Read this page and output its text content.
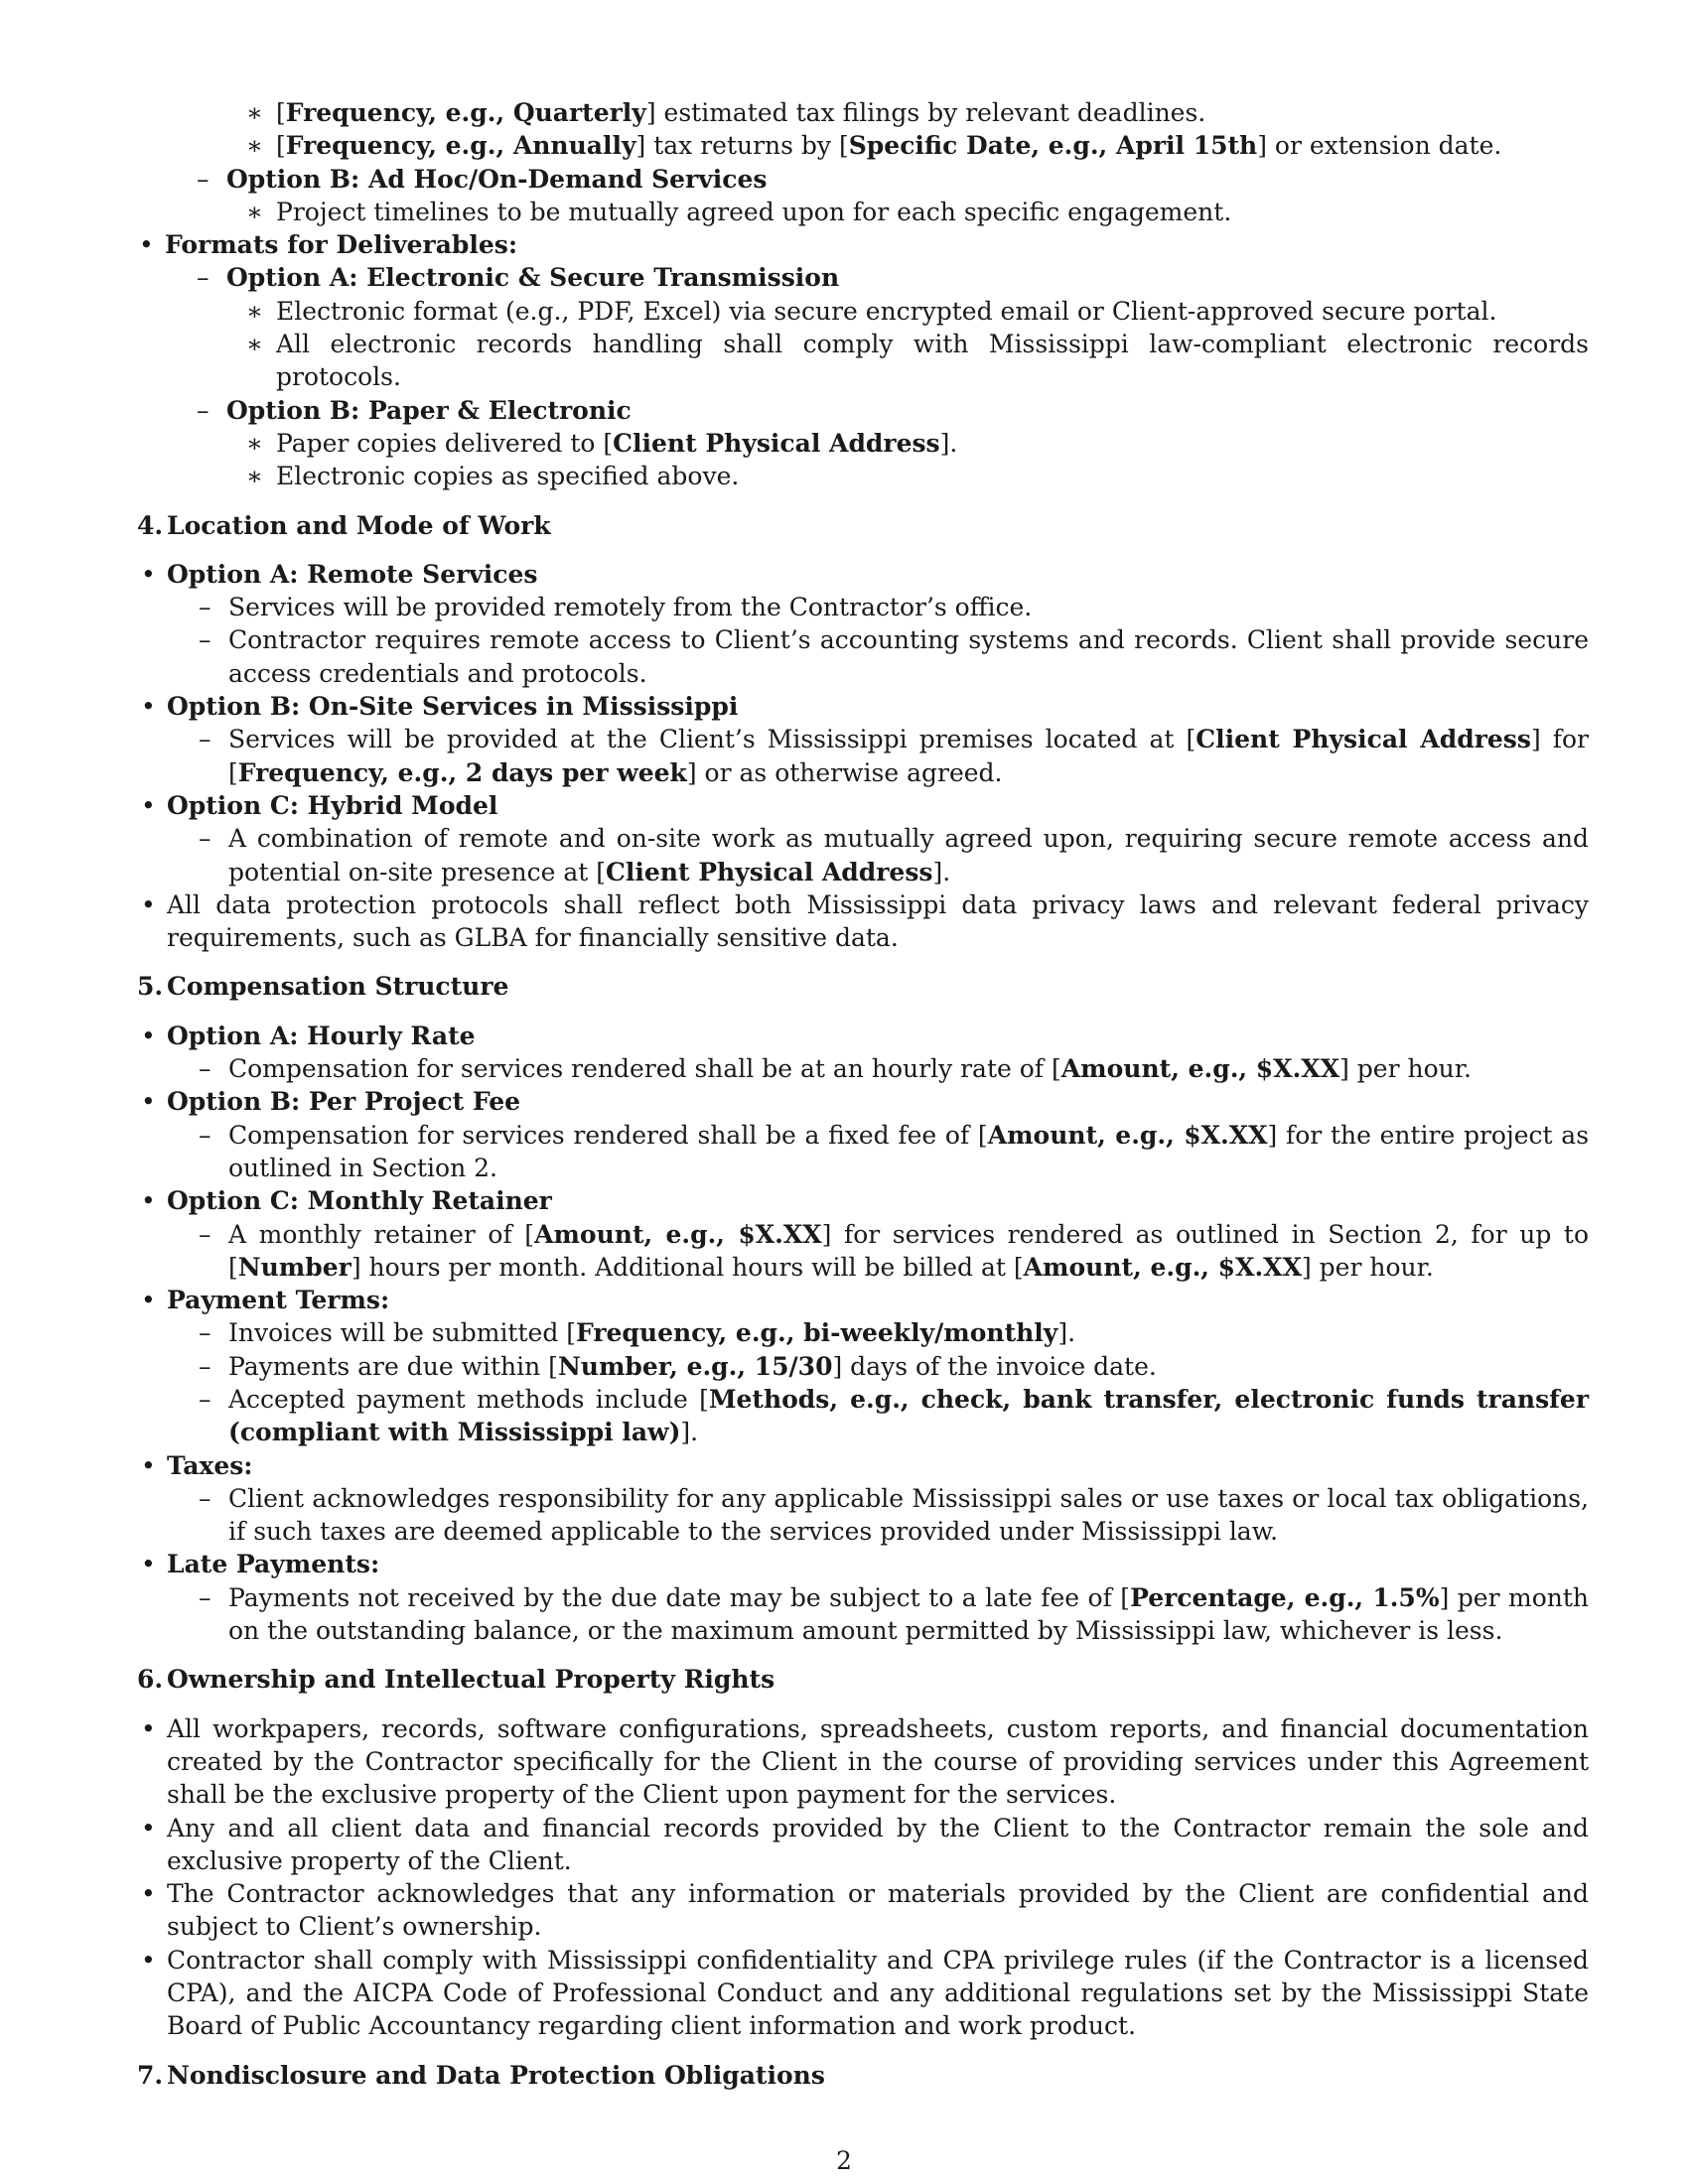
∗ [Frequency, e.g., Quarterly] estimated tax filings by relevant deadlines.
∗ [Frequency, e.g., Annually] tax returns by [Specific Date, e.g., April 15th] or extension date.
– Option B: Ad Hoc/On-Demand Services
∗ Project timelines to be mutually agreed upon for each specific engagement.
• Formats for Deliverables:
– Option A: Electronic & Secure Transmission
∗ Electronic format (e.g., PDF, Excel) via secure encrypted email or Client-approved secure portal.
∗ All electronic records handling shall comply with Mississippi law-compliant electronic records protocols.
– Option B: Paper & Electronic
∗ Paper copies delivered to [Client Physical Address].
∗ Electronic copies as specified above.
4. Location and Mode of Work
• Option A: Remote Services
– Services will be provided remotely from the Contractor’s office.
– Contractor requires remote access to Client’s accounting systems and records. Client shall provide secure access credentials and protocols.
• Option B: On-Site Services in Mississippi
– Services will be provided at the Client’s Mississippi premises located at [Client Physical Address] for [Frequency, e.g., 2 days per week] or as otherwise agreed.
• Option C: Hybrid Model
– A combination of remote and on-site work as mutually agreed upon, requiring secure remote access and potential on-site presence at [Client Physical Address].
• All data protection protocols shall reflect both Mississippi data privacy laws and relevant federal privacy requirements, such as GLBA for financially sensitive data.
5. Compensation Structure
• Option A: Hourly Rate
– Compensation for services rendered shall be at an hourly rate of [Amount, e.g., $X.XX] per hour.
• Option B: Per Project Fee
– Compensation for services rendered shall be a fixed fee of [Amount, e.g., $X.XX] for the entire project as outlined in Section 2.
• Option C: Monthly Retainer
– A monthly retainer of [Amount, e.g., $X.XX] for services rendered as outlined in Section 2, for up to [Number] hours per month. Additional hours will be billed at [Amount, e.g., $X.XX] per hour.
• Payment Terms:
– Invoices will be submitted [Frequency, e.g., bi-weekly/monthly].
– Payments are due within [Number, e.g., 15/30] days of the invoice date.
– Accepted payment methods include [Methods, e.g., check, bank transfer, electronic funds transfer (compliant with Mississippi law)].
• Taxes:
– Client acknowledges responsibility for any applicable Mississippi sales or use taxes or local tax obligations, if such taxes are deemed applicable to the services provided under Mississippi law.
• Late Payments:
– Payments not received by the due date may be subject to a late fee of [Percentage, e.g., 1.5%] per month on the outstanding balance, or the maximum amount permitted by Mississippi law, whichever is less.
6. Ownership and Intellectual Property Rights
• All workpapers, records, software configurations, spreadsheets, custom reports, and financial documentation created by the Contractor specifically for the Client in the course of providing services under this Agreement shall be the exclusive property of the Client upon payment for the services.
• Any and all client data and financial records provided by the Client to the Contractor remain the sole and exclusive property of the Client.
• The Contractor acknowledges that any information or materials provided by the Client are confidential and subject to Client’s ownership.
• Contractor shall comply with Mississippi confidentiality and CPA privilege rules (if the Contractor is a licensed CPA), and the AICPA Code of Professional Conduct and any additional regulations set by the Mississippi State Board of Public Accountancy regarding client information and work product.
7. Nondisclosure and Data Protection Obligations
2
